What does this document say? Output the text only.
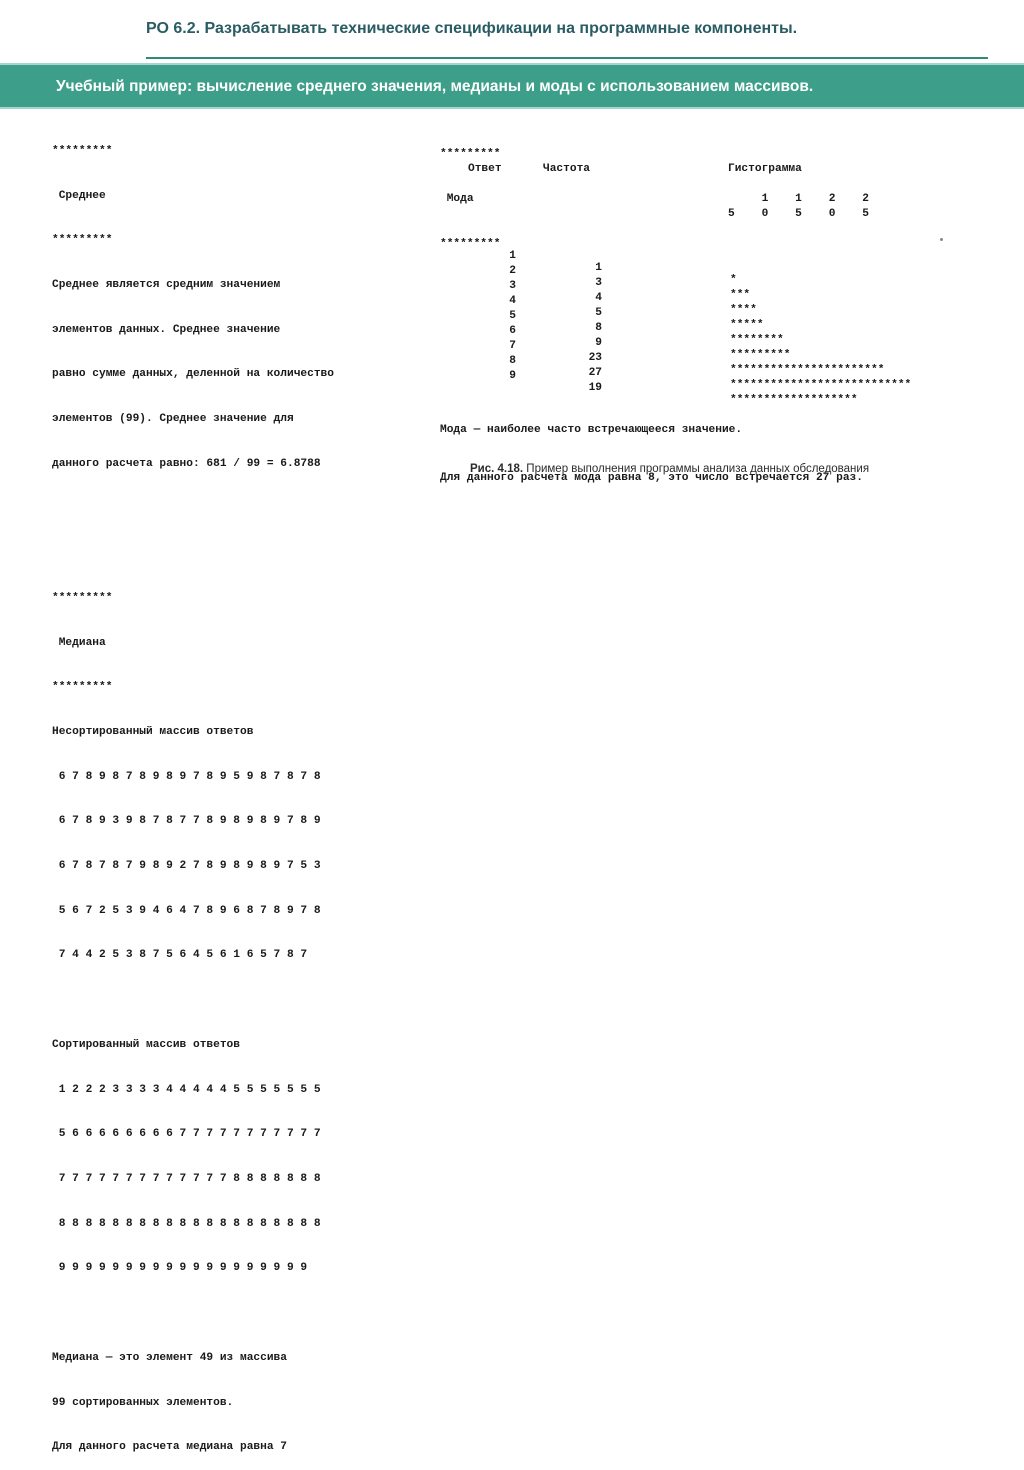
РО 6.2. Разрабатывать технические спецификации на программные компоненты.
Учебный пример: вычисление среднего значения, медианы и моды с использованием массивов.

*********

Среднее

*********

Среднее является средним значением

элементов данных. Среднее значение

равно сумме данных, деленной на количество

элементов (99). Среднее значение для

данного расчета равно: 681 / 99 = 6.8788

*********

Медиана

*********

Несортированный массив ответов

6 7 8 9 8 7 8 9 8 9 7 8 9 5 9 8 7 8 7 8

6 7 8 9 3 9 8 7 8 7 7 8 9 8 9 8 9 7 8 9

6 7 8 7 8 7 9 8 9 2 7 8 9 8 9 8 9 7 5 3

5 6 7 2 5 3 9 4 6 4 7 8 9 6 8 7 8 9 7 8

7 4 4 2 5 3 8 7 5 6 4 5 6 1 6 5 7 8 7

Сортированный массив ответов

1 2 2 2 3 3 3 3 4 4 4 4 4 5 5 5 5 5 5 5

5 6 6 6 6 6 6 6 6 7 7 7 7 7 7 7 7 7 7 7

7 7 7 7 7 7 7 7 7 7 7 7 7 8 8 8 8 8 8 8

8 8 8 8 8 8 8 8 8 8 8 8 8 8 8 8 8 8 8 8

9 9 9 9 9 9 9 9 9 9 9 9 9 9 9 9 9 9 9

Медиана — это элемент 49 из массива

99 сортированных элементов.

Для данного расчета медиана равна 7

*********

Мода

*********

Ответ	Частота	Гистограмма
1    1    2    2
5    0    5    0    5

1

1

*

2

3

***

3

4

****

4

5

*****

5

8

********

6

9

*********

7

23

***********************

8

27

***************************

9

19

*******************

Мода — наиболее часто встречающееся значение.

Для данного расчета мода равна 8, это число встречается 27 раз.

Рис. 4.18. Пример выполнения программы анализа данных обследования
